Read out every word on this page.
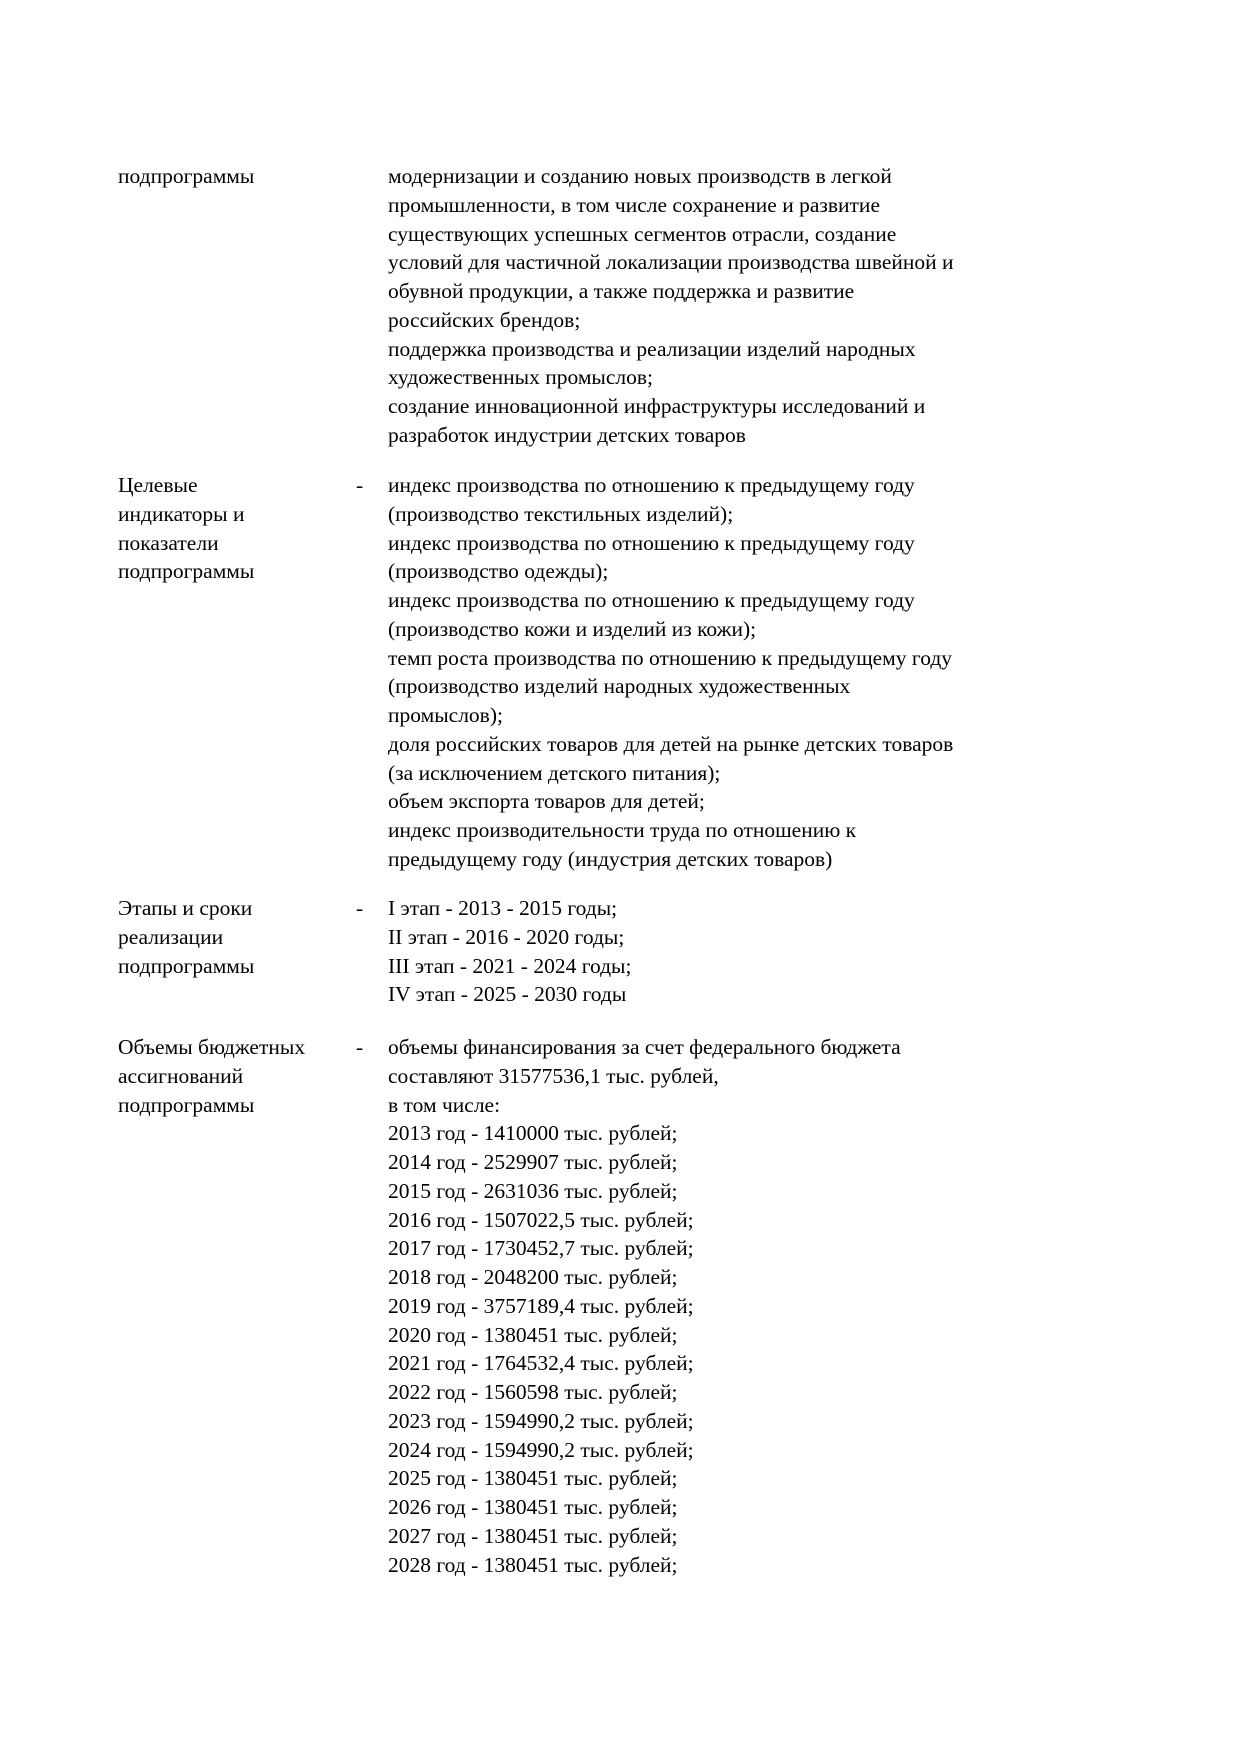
подпрограммы	модернизации и созданию новых производств в легкой
промышленности, в том числе сохранение и развитие
существующих успешных сегментов отрасли, создание
условий для частичной локализации производства швейной и
обувной продукции, а также поддержка и развитие
российских брендов;
поддержка производства и реализации изделий народных
художественных промыслов;
создание инновационной инфраструктуры исследований и
разработок индустрии детских товаров
Целевые
индикаторы и
показатели
подпрограммы
-	индекс производства по отношению к предыдущему году
(производство текстильных изделий);
индекс производства по отношению к предыдущему году
(производство одежды);
индекс производства по отношению к предыдущему году
(производство кожи и изделий из кожи);
темп роста производства по отношению к предыдущему году
(производство изделий народных художественных
промыслов);
доля российских товаров для детей на рынке детских товаров
(за исключением детского питания);
объем экспорта товаров для детей;
индекс производительности труда по отношению к
предыдущему году (индустрия детских товаров)
Этапы и сроки
реализации
подпрограммы
-	I этап - 2013 - 2015 годы;
II этап - 2016 - 2020 годы;
III этап - 2021 - 2024 годы;
IV этап - 2025 - 2030 годы
Объемы бюджетных
ассигнований
подпрограммы
-	объемы финансирования за счет федерального бюджета
составляют 31577536,1 тыс. рублей,
в том числе:
2013 год - 1410000 тыс. рублей;
2014 год - 2529907 тыс. рублей;
2015 год - 2631036 тыс. рублей;
2016 год - 1507022,5 тыс. рублей;
2017 год - 1730452,7 тыс. рублей;
2018 год - 2048200 тыс. рублей;
2019 год - 3757189,4 тыс. рублей;
2020 год - 1380451 тыс. рублей;
2021 год - 1764532,4 тыс. рублей;
2022 год - 1560598 тыс. рублей;
2023 год - 1594990,2 тыс. рублей;
2024 год - 1594990,2 тыс. рублей;
2025 год - 1380451 тыс. рублей;
2026 год - 1380451 тыс. рублей;
2027 год - 1380451 тыс. рублей;
2028 год - 1380451 тыс. рублей;
